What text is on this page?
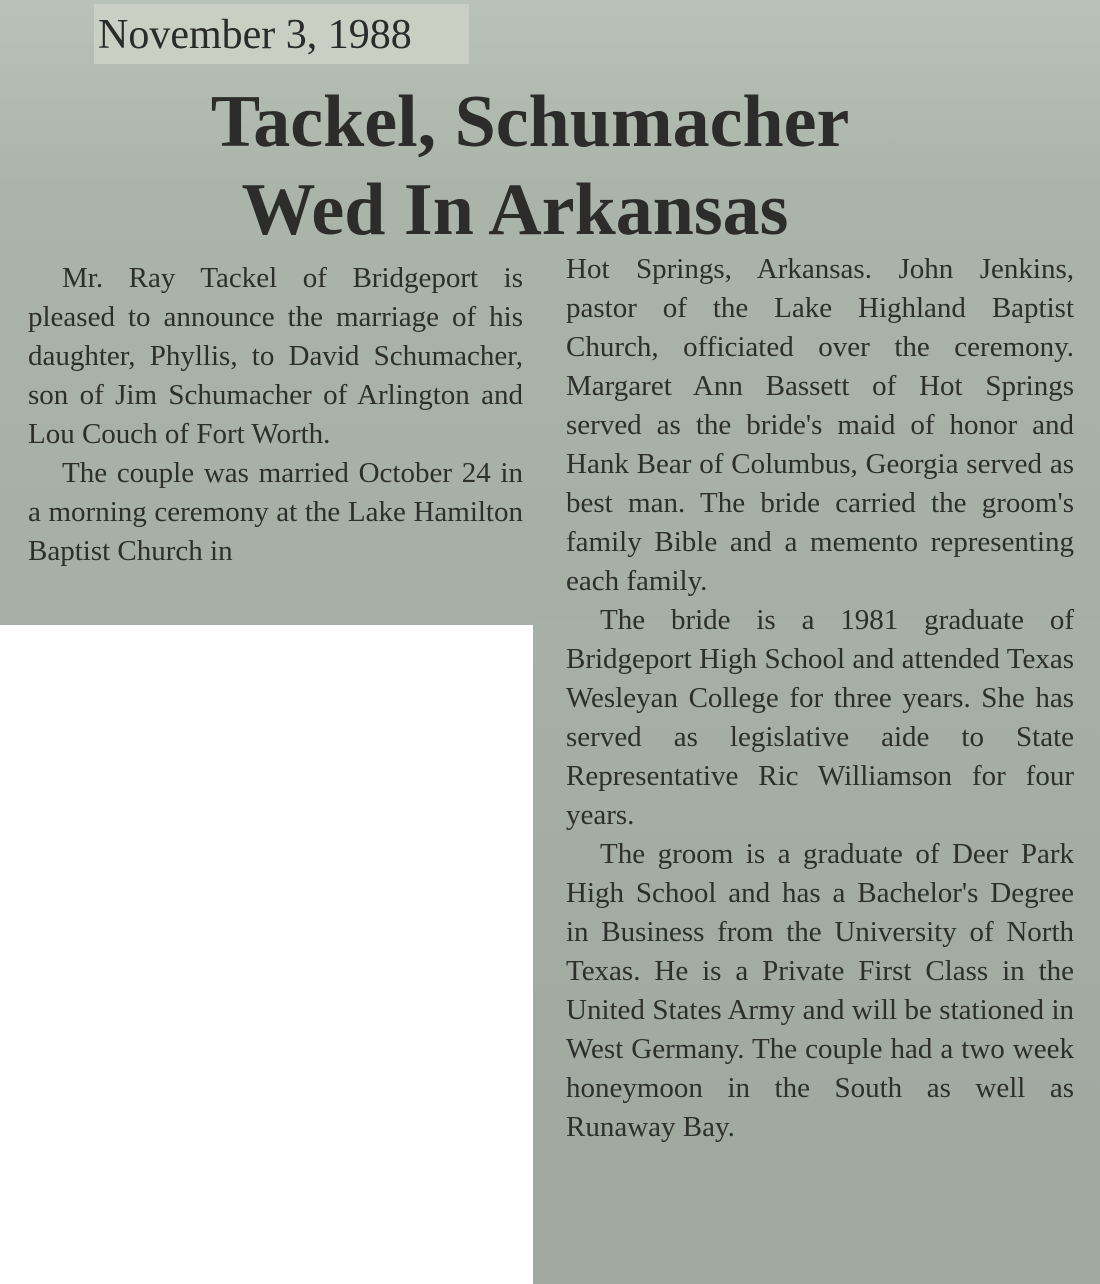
November 3, 1988
Tackel, Schumacher
Wed In Arkansas

Mr. Ray Tackel of Bridgeport is pleased to announce the marriage of his daughter, Phyllis, to David Schumacher, son of Jim Schumacher of Arlington and Lou Couch of Fort Worth.

The couple was married October 24 in a morning ceremony at the Lake Hamilton Baptist Church in

Hot Springs, Arkansas. John Jenkins, pastor of the Lake Highland Baptist Church, officiated over the ceremony. Margaret Ann Bassett of Hot Springs served as the bride's maid of honor and Hank Bear of Columbus, Georgia served as best man. The bride carried the groom's family Bible and a memento representing each family.

The bride is a 1981 graduate of Bridgeport High School and attended Texas Wesleyan College for three years. She has served as legislative aide to State Representative Ric Williamson for four years.

The groom is a graduate of Deer Park High School and has a Bachelor's Degree in Business from the University of North Texas. He is a Private First Class in the United States Army and will be stationed in West Germany. The couple had a two week honeymoon in the South as well as Runaway Bay.
